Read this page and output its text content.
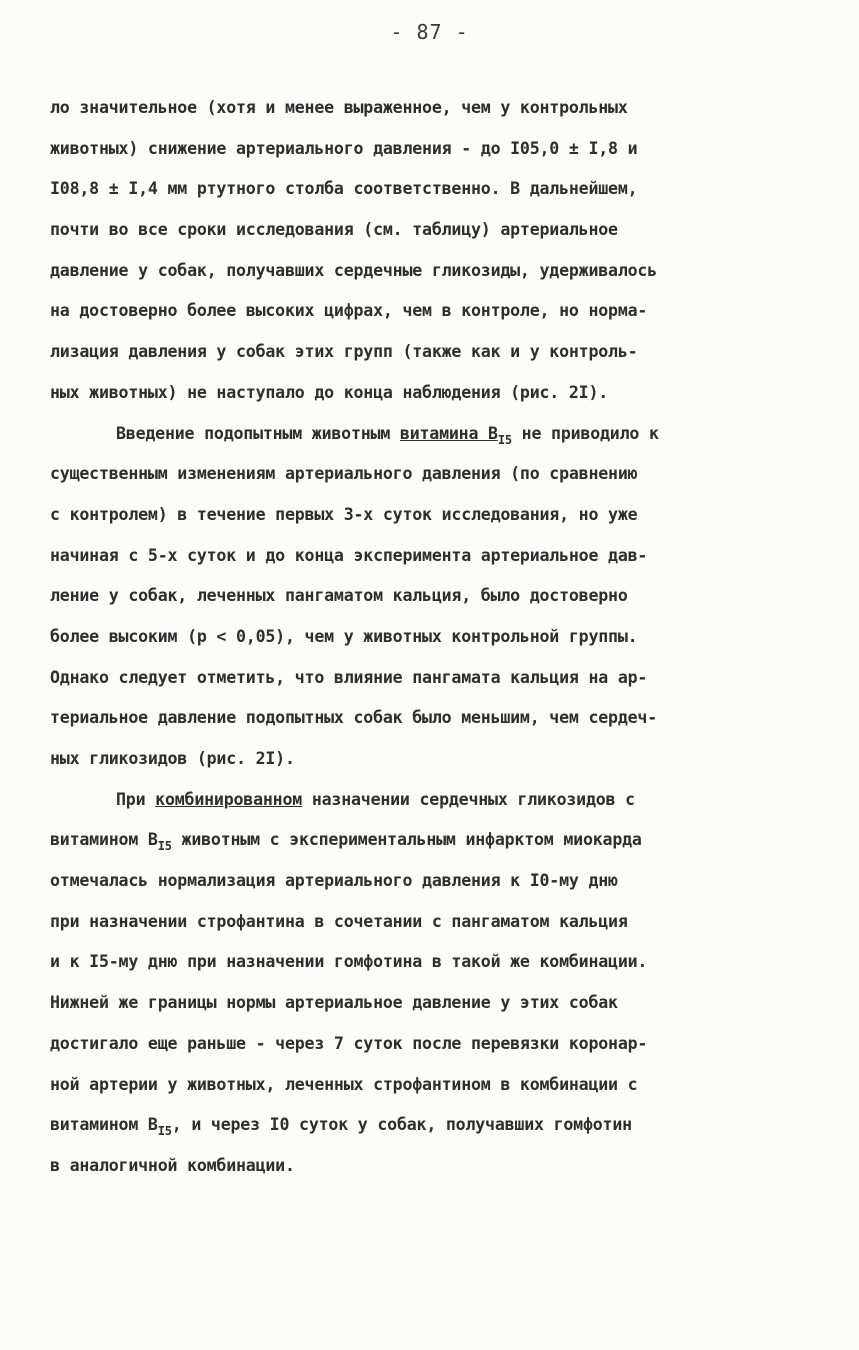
- 87 -
ло значительное (хотя и менее выраженное, чем у контрольных
животных) снижение артериального давления - до I05,0 ± I,8 и
I08,8 ± I,4 мм ртутного столба соответственно. В дальнейшем,
почти во все сроки исследования (см. таблицу) артериальное
давление у собак, получавших сердечные гликозиды, удерживалось
на достоверно более высоких цифрах, чем в контроле, но норма-
лизация давления у собак этих групп (также как и у контроль-
ных животных) не наступало до конца наблюдения (рис. 2I).
Введение подопытным животным витамина $В_{I5}$ не приводило к
существенным изменениям артериального давления (по сравнению
с контролем) в течение первых 3-х суток исследования, но уже
начиная с 5-х суток и до конца эксперимента артериальное дав-
ление у собак, леченных пангаматом кальция, было достоверно
более высоким (р < 0,05), чем у животных контрольной группы.
Однако следует отметить, что влияние пангамата кальция на ар-
териальное давление подопытных собак было меньшим, чем сердеч-
ных гликозидов (рис. 2I).
При комбинированном назначении сердечных гликозидов с
витамином $В_{I5}$ животным с экспериментальным инфарктом миокарда
отмечалась нормализация артериального давления к I0-му дню
при назначении строфантина в сочетании с пангаматом кальция
и к I5-му дню при назначении гомфотина в такой же комбинации.
Нижней же границы нормы артериальное давление у этих собак
достигало еще раньше - через 7 суток после перевязки коронар-
ной артерии у животных, леченных строфантином в комбинации с
витамином $В_{I5}$, и через I0 суток у собак, получавших гомфотин
в аналогичной комбинации.
